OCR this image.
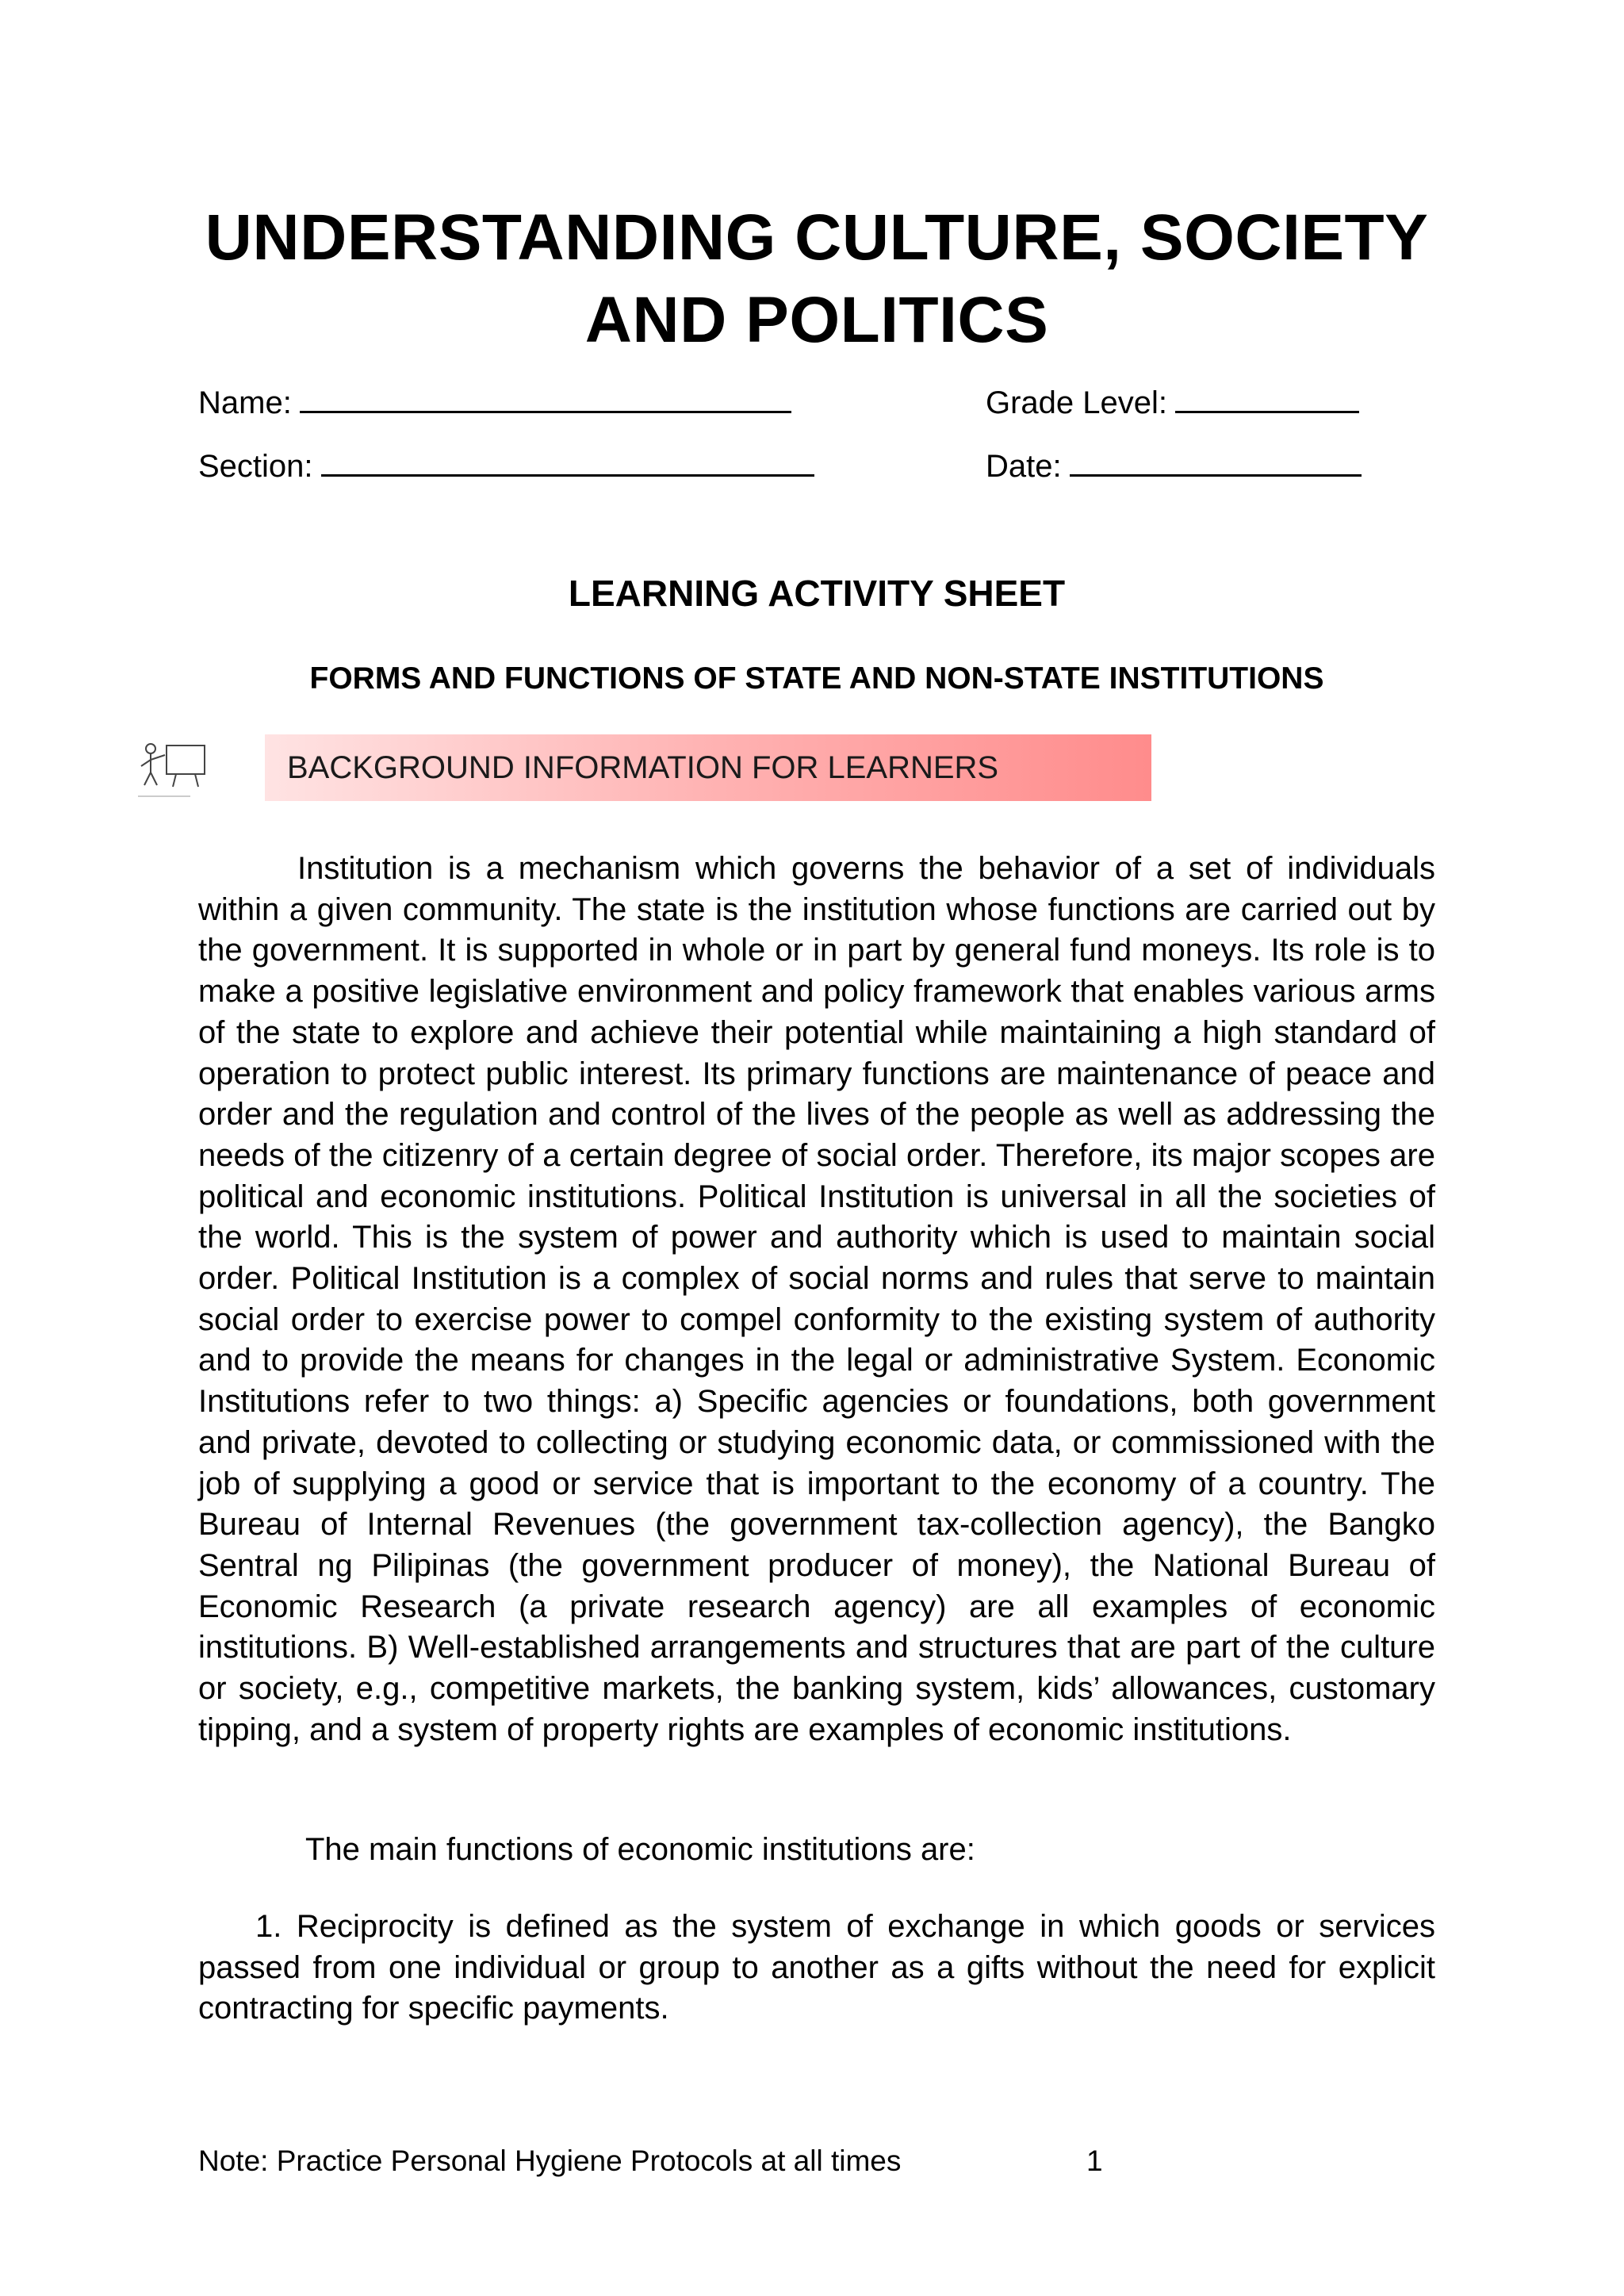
UNDERSTANDING CULTURE, SOCIETY AND POLITICS
Name:	Grade Level:
Section:	Date:
LEARNING ACTIVITY SHEET
FORMS AND FUNCTIONS OF STATE AND NON-STATE INSTITUTIONS
BACKGROUND INFORMATION FOR LEARNERS

Institution is a mechanism which governs the behavior of a set of individuals within a given community. The state is the institution whose functions are carried out by the government. It is supported in whole or in part by general fund moneys. Its role is to make a positive legislative environment and policy framework that enables various arms of the state to explore and achieve their potential while maintaining a high standard of operation to protect public interest. Its primary functions are maintenance of peace and order and the regulation and control of the lives of the people as well as addressing the needs of the citizenry of a certain degree of social order. Therefore, its major scopes are political and economic institutions. Political Institution is universal in all the societies of the world. This is the system of power and authority which is used to maintain social order. Political Institution is a complex of social norms and rules that serve to maintain social order to exercise power to compel conformity to the existing system of authority and to provide the means for changes in the legal or administrative System. Economic Institutions refer to two things: a) Specific agencies or foundations, both government and private, devoted to collecting or studying economic data, or commissioned with the job of supplying a good or service that is important to the economy of a country. The Bureau of Internal Revenues (the government tax-collection agency), the Bangko Sentral ng Pilipinas (the government producer of money), the National Bureau of Economic Research (a private research agency) are all examples of economic institutions. B) Well-established arrangements and structures that are part of the culture or society, e.g., competitive markets, the banking system, kids’ allowances, customary tipping, and a system of property rights are examples of economic institutions.

The main functions of economic institutions are:
1. Reciprocity is defined as the system of exchange in which goods or services passed from one individual or group to another as a gifts without the need for explicit contracting for specific payments.
Note: Practice Personal Hygiene Protocols at all times	1
